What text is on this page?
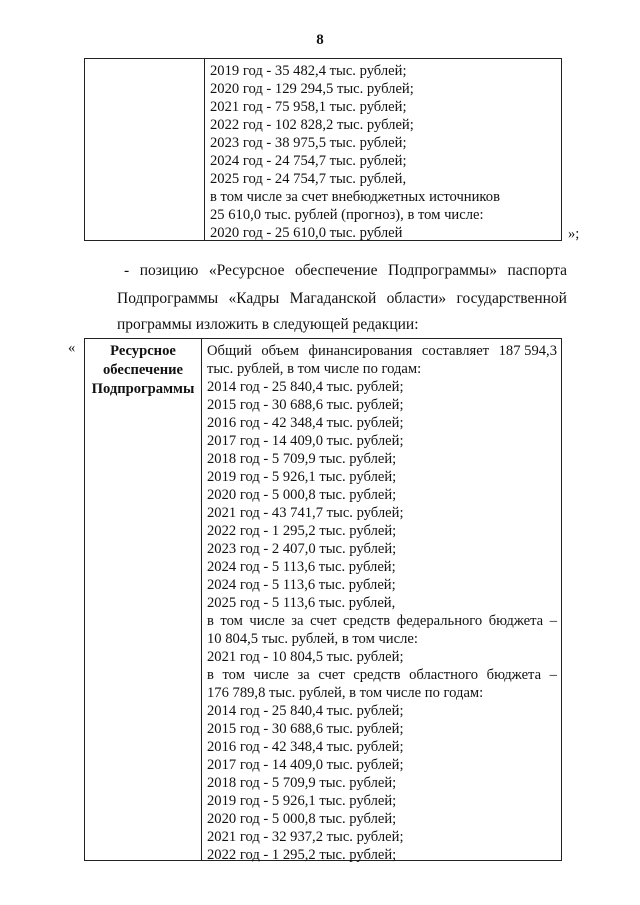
8
2019 год - 35 482,4 тыс. рублей;
2020 год - 129 294,5 тыс. рублей;
2021 год - 75 958,1 тыс. рублей;
2022 год - 102 828,2 тыс. рублей;
2023 год - 38 975,5 тыс. рублей;
2024 год - 24 754,7 тыс. рублей;
2025 год - 24 754,7 тыс. рублей,
в том числе за счет внебюджетных источников
25 610,0 тыс. рублей (прогноз), в том числе:
2020 год - 25 610,0 тыс. рублей	»;
- позицию «Ресурсное обеспечение Подпрограммы» паспорта
Подпрограммы «Кадры Магаданской области» государственной
программы изложить в следующей редакции:
«	Ресурсное
обеспечение
Подпрограммы
Общий объем финансирования составляет 187 594,3
тыс. рублей, в том числе по годам:
2014 год - 25 840,4 тыс. рублей;
2015 год - 30 688,6 тыс. рублей;
2016 год - 42 348,4 тыс. рублей;
2017 год - 14 409,0 тыс. рублей;
2018 год - 5 709,9 тыс. рублей;
2019 год - 5 926,1 тыс. рублей;
2020 год - 5 000,8 тыс. рублей;
2021 год - 43 741,7 тыс. рублей;
2022 год - 1 295,2 тыс. рублей;
2023 год - 2 407,0 тыс. рублей;
2024 год - 5 113,6 тыс. рублей;
2024 год - 5 113,6 тыс. рублей;
2025 год - 5 113,6 тыс. рублей,
в том числе за счет средств федерального бюджета –
10 804,5 тыс. рублей, в том числе:
2021 год - 10 804,5 тыс. рублей;
в том числе за счет средств областного бюджета –
176 789,8 тыс. рублей, в том числе по годам:
2014 год - 25 840,4 тыс. рублей;
2015 год - 30 688,6 тыс. рублей;
2016 год - 42 348,4 тыс. рублей;
2017 год - 14 409,0 тыс. рублей;
2018 год - 5 709,9 тыс. рублей;
2019 год - 5 926,1 тыс. рублей;
2020 год - 5 000,8 тыс. рублей;
2021 год - 32 937,2 тыс. рублей;
2022 год - 1 295,2 тыс. рублей;
